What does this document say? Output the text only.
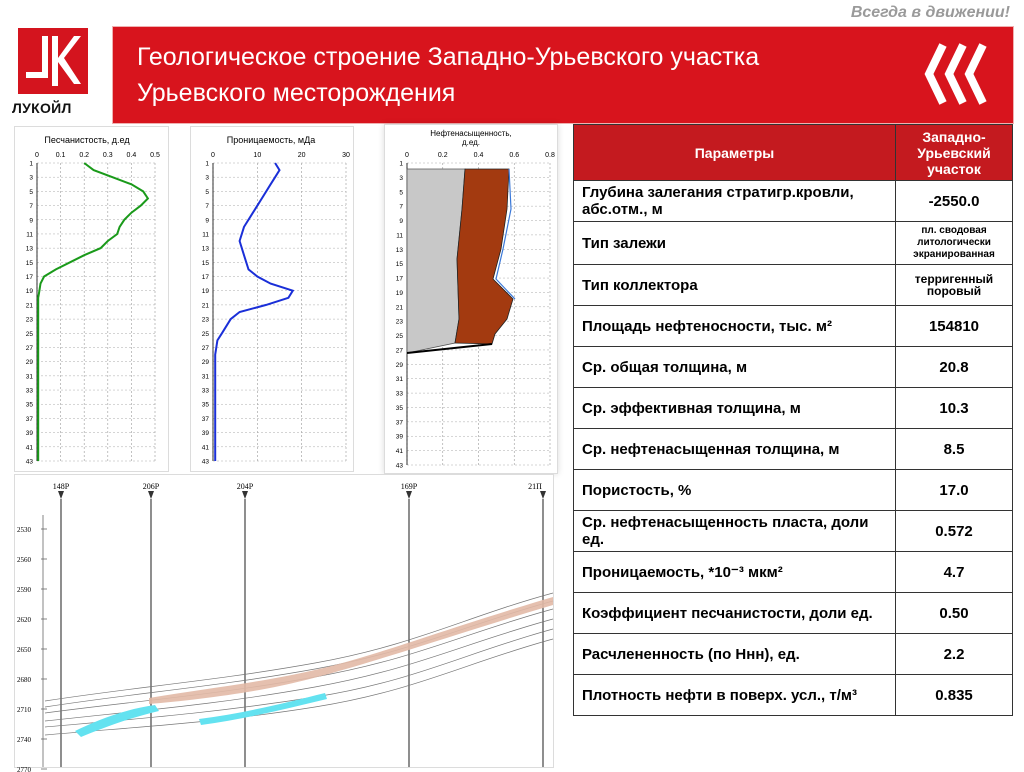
Всегда в движении!
ЛУКОЙЛ
Геологическое строение Западно-Урьевского участка
Урьевского месторождения
Песчанистость, д.ед
0 0.1 0.2 0.3 0.4 0.5
1
3
5
7
9
11
13
15
17
19
21
23
25
27
29
31
33
35
37
39
41
43
Проницаемость, мДа
0	10	20	30
1
3
5
7
9
11
13
15
17
19
21
23
25
27
29
31
33
35
37
39
41
43
Нефтенасыщенность,
д.ед.
0	0.2	0.4	0.6	0.8
1
3
5
7
9
11
13
15
17
19
21
23
25
27
29
31
33
35
37
39
41
43
148Р	206Р	204Р	169Р	21П
2530
2560
2590
2620
2650
2680
2710
2740
2770
Параметры	Западно-Урьевский участок
Глубина залегания стратигр.кровли, абс.отм., м	-2550.0
Тип залежи	пл. сводовая литологически экранированная
Тип коллектора	терригенный поровый
Площадь нефтеносности, тыс. м²	154810
Ср. общая толщина, м	20.8
Ср. эффективная толщина, м	10.3
Ср. нефтенасыщенная толщина, м	8.5
Пористость, %	17.0
Ср. нефтенасыщенность пласта, доли ед.	0.572
Проницаемость, *10⁻³ мкм²	4.7
Коэффициент песчанистости, доли ед.	0.50
Расчлененность (по Ннн), ед.	2.2
Плотность нефти в поверх. усл., т/м³	0.835
